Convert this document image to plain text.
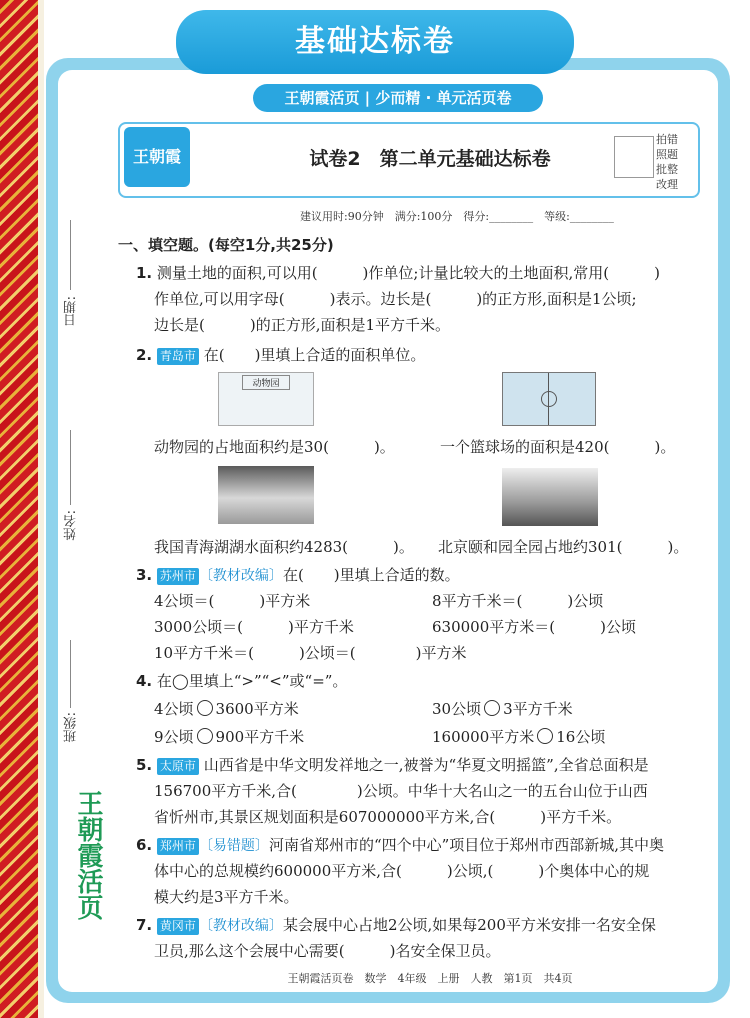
基础达标卷
王朝霞活页 | 少而精 · 单元活页卷
王朝霞	试卷2　第二单元基础达标卷
拍错
照题
批整
改理
建议用时:90分钟　满分:100分　得分:________　等级:________
日期:
姓名:
班级:
王朝霞活页
一、填空题。(每空1分,共25分)
1. 测量土地的面积,可以用(　　　)作单位;计量比较大的土地面积,常用(　　　)
作单位,可以用字母(　　　)表示。边长是(　　　)的正方形,面积是1公顷;
边长是(　　　)的正方形,面积是1平方千米。
2. 青岛市 在(　　)里填上合适的面积单位。
动物园
动物园的占地面积约是30(　　　)。	一个篮球场的面积是420(　　　)。
我国青海湖湖水面积约4283(　　　)。 北京颐和园全园占地约301(　　　)。
3. 苏州市 〔教材改编〕在(　　)里填上合适的数。
4公顷＝(　　　)平方米	8平方千米＝(　　　)公顷
3000公顷＝(　　　)平方千米	630000平方米＝(　　　)公顷
10平方千米＝(　　　)公顷＝(　　　　)平方米
4. 在◯里填上“>”“<”或“=”。
4公顷 3600平方米	30公顷 3平方千米
9公顷 900平方千米	160000平方米 16公顷
5. 太原市 山西省是中华文明发祥地之一,被誉为“华夏文明摇篮”,全省总面积是
156700平方千米,合(　　　　)公顷。中华十大名山之一的五台山位于山西
省忻州市,其景区规划面积是607000000平方米,合(　　　)平方千米。
6. 郑州市 〔易错题〕河南省郑州市的“四个中心”项目位于郑州市西部新城,其中奥
体中心的总规模约600000平方米,合(　　　)公顷,(　　　)个奥体中心的规
模大约是3平方千米。
7. 黄冈市 〔教材改编〕某会展中心占地2公顷,如果每200平方米安排一名安全保
卫员,那么这个会展中心需要(　　　)名安全保卫员。
王朝霞活页卷　数学　4年级　上册　人教　第1页　共4页
